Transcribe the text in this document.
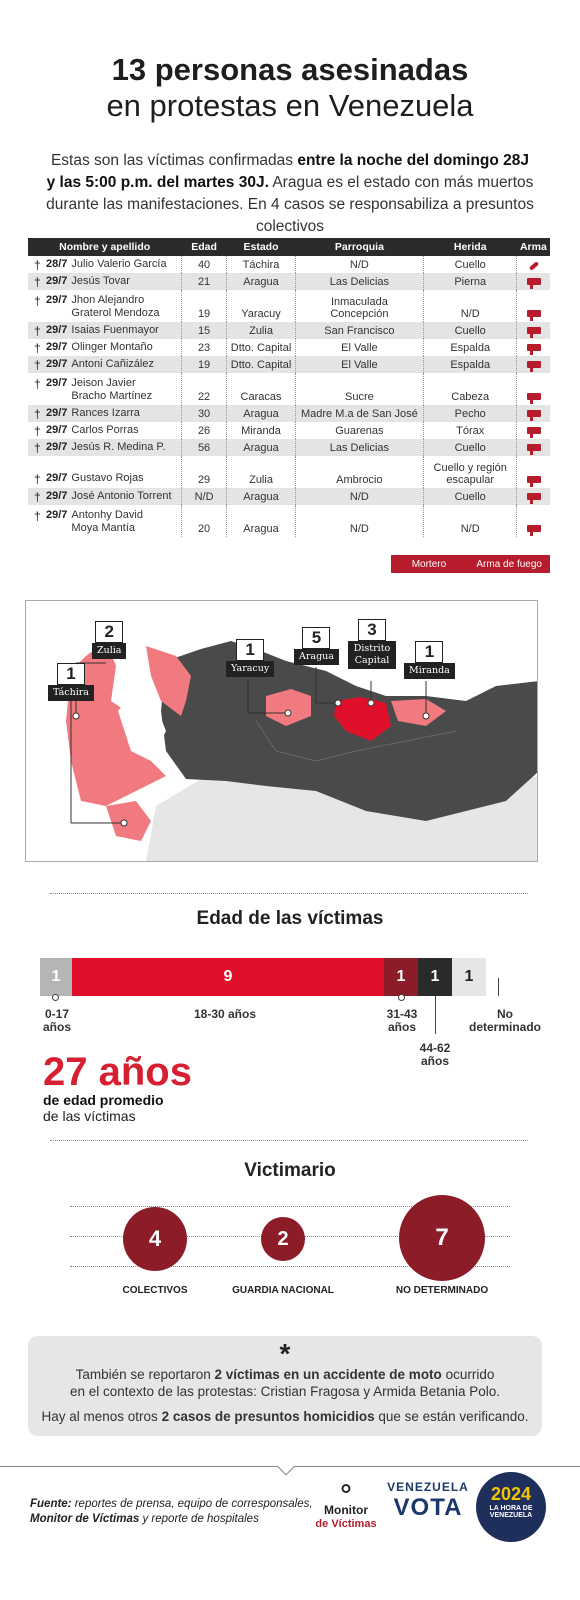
13 personas asesinadas
en protestas en Venezuela
Estas son las víctimas confirmadas entre la noche del domingo 28J
y las 5:00 p.m. del martes 30J. Aragua es el estado con más muertos durante las manifestaciones. En 4 casos se responsabiliza a presuntos colectivos
Nombre y apellido	Edad	Estado	Parroquia	Herida	Arma
† 28/7 Julio Valerio García	40	Táchira	N/D	Cuello	
† 29/7 Jesús Tovar	21	Aragua	Las Delicias	Pierna	
† 29/7 Jhon Alejandro
Graterol Mendoza	19	Yaracuy	Inmaculada
Concepción	N/D	
† 29/7 Isaias Fuenmayor	15	Zulia	San Francisco	Cuello	
† 29/7 Olinger Montaño	23	Dtto. Capital	El Valle	Espalda	
† 29/7 Antoni Cañizález	19	Dtto. Capital	El Valle	Espalda	
† 29/7 Jeison Javier
Bracho Martínez	22	Caracas	Sucre	Cabeza	
† 29/7 Rances Izarra	30	Aragua	Madre M.a de San José	Pecho	
† 29/7 Carlos Porras	26	Miranda	Guarenas	Tórax	
† 29/7 Jesús R. Medina P.	56	Aragua	Las Delicias	Cuello	
† 29/7 Gustavo Rojas	29	Zulia	Ambrocio	Cuello y región
escapular	
† 29/7 José Antonio Torrent	N/D	Aragua	N/D	Cuello	
† 29/7 Antonhy David
Moya Mantía	20	Aragua	N/D	N/D	
Mortero	Arma de fuego
1
Táchira
2
Zulia	1
Yaracuy
5
Aragua
3
Distrito Capital	1
Miranda
Edad de las víctimas
1	9	1	1	1
0-17 años
18-30 años	31-43 años
44-62 años
No determinado
27 años
de edad promedio
de las víctimas
Victimario
4	2	7
COLECTIVOS	GUARDIA NACIONAL	NO DETERMINADO
*

También se reportaron 2 víctimas en un accidente de moto ocurrido

en el contexto de las protestas: Cristian Fragosa y Armida Betania Polo.

Hay al menos otros 2 casos de presuntos homicidios que se están verificando.

Fuente: reportes de prensa, equipo de corresponsales,
Monitor de Víctimas y reporte de hospitales
⚬
Monitor
de Víctimas
VENEZUELA
VOTA	2024
LA HORA DE
VENEZUELA
